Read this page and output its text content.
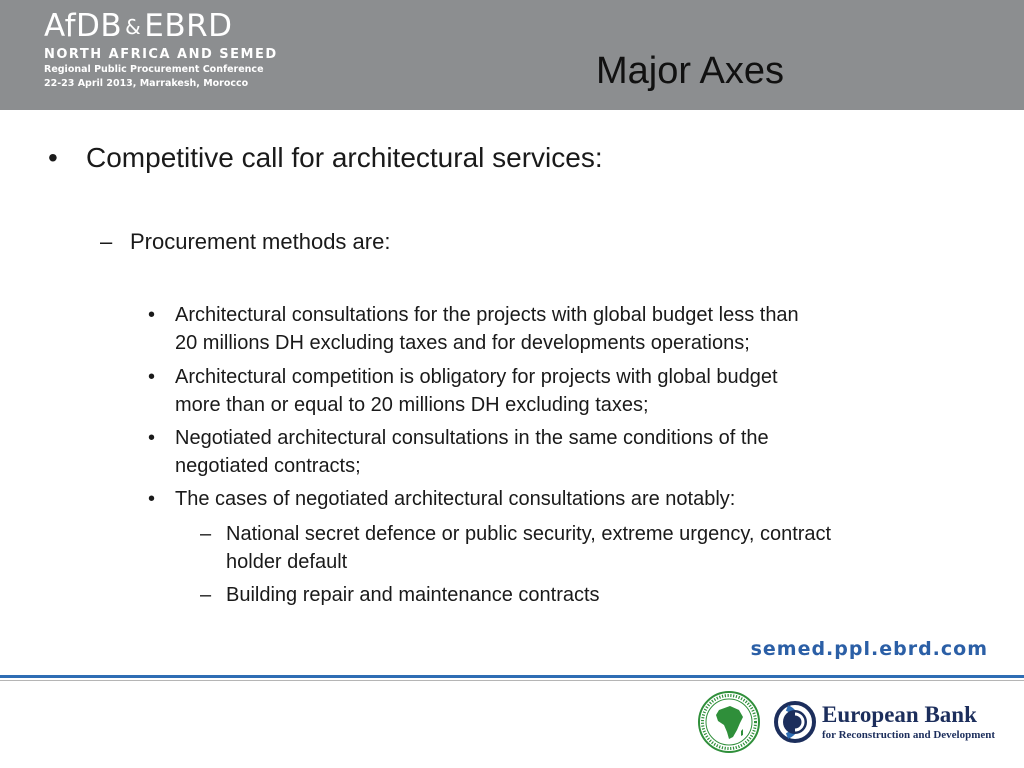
AfDB &EBRD
NORTH AFRICA AND SEMED
Regional Public Procurement Conference
22-23 April 2013, Marrakesh, Morocco	Major Axes
• Competitive call for architectural services:
– Procurement methods are:
• Architectural consultations for the projects with global budget less than
20 millions DH excluding taxes and for developments operations;
• Architectural competition is obligatory for projects with global budget
more than or equal to 20 millions DH excluding taxes;
• Negotiated architectural consultations in the same conditions of the
negotiated contracts;
• The cases of negotiated architectural consultations are notably:
– National secret defence or public security, extreme urgency, contract
holder default
– Building repair and maintenance contracts
semed.ppl.ebrd.com
European Bank
for Reconstruction and Development
